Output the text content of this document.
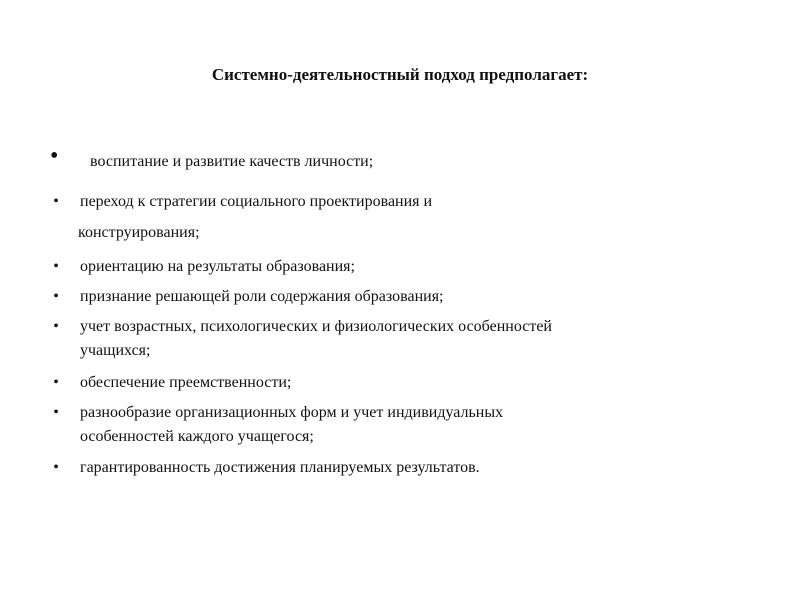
Системно-деятельностный подход предполагает:
• воспитание и развитие качеств личности;
• переход к стратегии социального проектирования и
конструирования;
• ориентацию на результаты образования;
• признание решающей роли содержания образования;
• учет возрастных, психологических и физиологических особенностей
учащихся;
• обеспечение преемственности;
• разнообразие организационных форм и учет индивидуальных
особенностей каждого учащегося;
• гарантированность достижения планируемых результатов.
